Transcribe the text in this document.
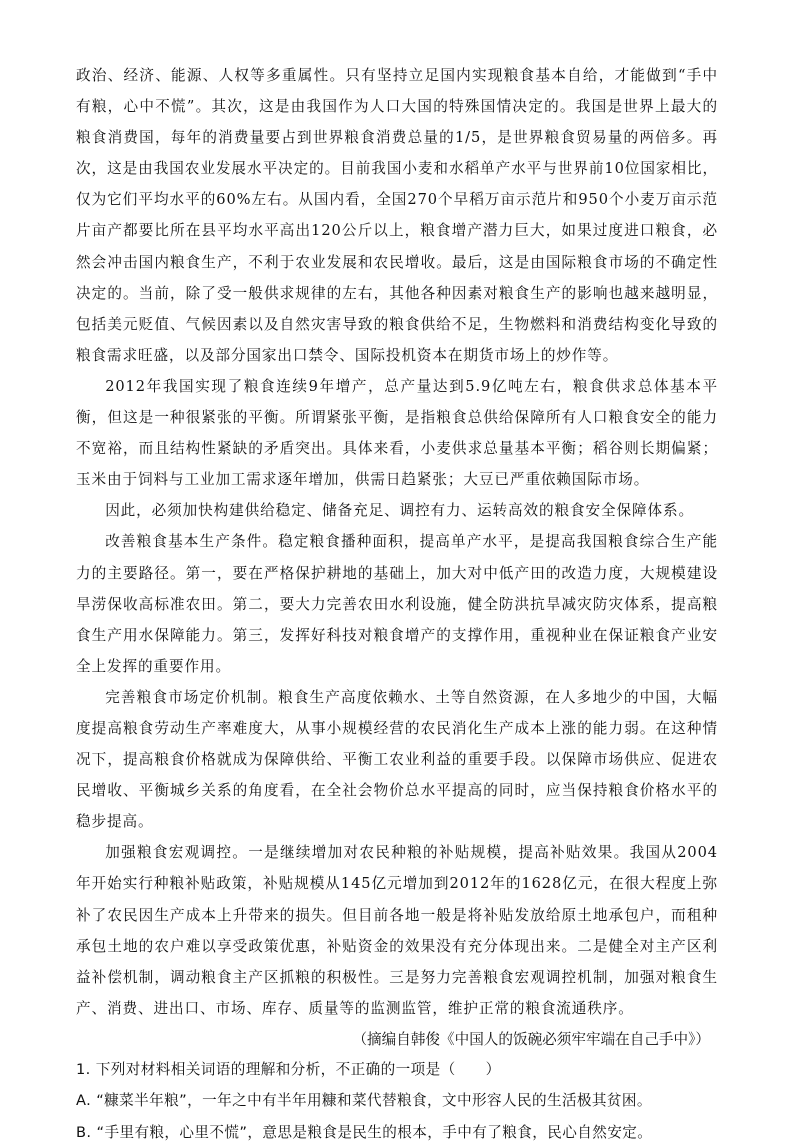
政治、经济、能源、人权等多重属性。只有坚持立足国内实现粮食基本自给，才能做到“手中有粮，心中不慌”。其次，这是由我国作为人口大国的特殊国情决定的。我国是世界上最大的粮食消费国，每年的消费量要占到世界粮食消费总量的1/5，是世界粮食贸易量的两倍多。再次，这是由我国农业发展水平决定的。目前我国小麦和水稻单产水平与世界前10位国家相比，仅为它们平均水平的60%左右。从国内看，全国270个早稻万亩示范片和950个小麦万亩示范片亩产都要比所在县平均水平高出120公斤以上，粮食增产潜力巨大，如果过度进口粮食，必然会冲击国内粮食生产，不利于农业发展和农民增收。最后，这是由国际粮食市场的不确定性决定的。当前，除了受一般供求规律的左右，其他各种因素对粮食生产的影响也越来越明显，包括美元贬值、气候因素以及自然灾害导致的粮食供给不足，生物燃料和消费结构变化导致的粮食需求旺盛，以及部分国家出口禁令、国际投机资本在期货市场上的炒作等。

2012年我国实现了粮食连续9年增产，总产量达到5.9亿吨左右，粮食供求总体基本平衡，但这是一种很紧张的平衡。所谓紧张平衡，是指粮食总供给保障所有人口粮食安全的能力不宽裕，而且结构性紧缺的矛盾突出。具体来看，小麦供求总量基本平衡；稻谷则长期偏紧；玉米由于饲料与工业加工需求逐年增加，供需日趋紧张；大豆已严重依赖国际市场。

因此，必须加快构建供给稳定、储备充足、调控有力、运转高效的粮食安全保障体系。

改善粮食基本生产条件。稳定粮食播种面积，提高单产水平，是提高我国粮食综合生产能力的主要路径。第一，要在严格保护耕地的基础上，加大对中低产田的改造力度，大规模建设旱涝保收高标准农田。第二，要大力完善农田水利设施，健全防洪抗旱减灾防灾体系，提高粮食生产用水保障能力。第三，发挥好科技对粮食增产的支撑作用，重视种业在保证粮食产业安全上发挥的重要作用。

完善粮食市场定价机制。粮食生产高度依赖水、土等自然资源，在人多地少的中国，大幅度提高粮食劳动生产率难度大，从事小规模经营的农民消化生产成本上涨的能力弱。在这种情况下，提高粮食价格就成为保障供给、平衡工农业利益的重要手段。以保障市场供应、促进农民增收、平衡城乡关系的角度看，在全社会物价总水平提高的同时，应当保持粮食价格水平的稳步提高。

加强粮食宏观调控。一是继续增加对农民种粮的补贴规模，提高补贴效果。我国从2004年开始实行种粮补贴政策，补贴规模从145亿元增加到2012年的1628亿元，在很大程度上弥补了农民因生产成本上升带来的损失。但目前各地一般是将补贴发放给原土地承包户，而租种承包土地的农户难以享受政策优惠，补贴资金的效果没有充分体现出来。二是健全对主产区利益补偿机制，调动粮食主产区抓粮的积极性。三是努力完善粮食宏观调控机制，加强对粮食生产、消费、进出口、市场、库存、质量等的监测监管，维护正常的粮食流通秩序。

（摘编自韩俊《中国人的饭碗必须牢牢端在自己手中》）

1. 下列对材料相关词语的理解和分析，不正确的一项是（　　）

A. “糠菜半年粮”，一年之中有半年用糠和菜代替粮食，文中形容人民的生活极其贫困。

B. “手里有粮，心里不慌”，意思是粮食是民生的根本，手中有了粮食，民心自然安定。
